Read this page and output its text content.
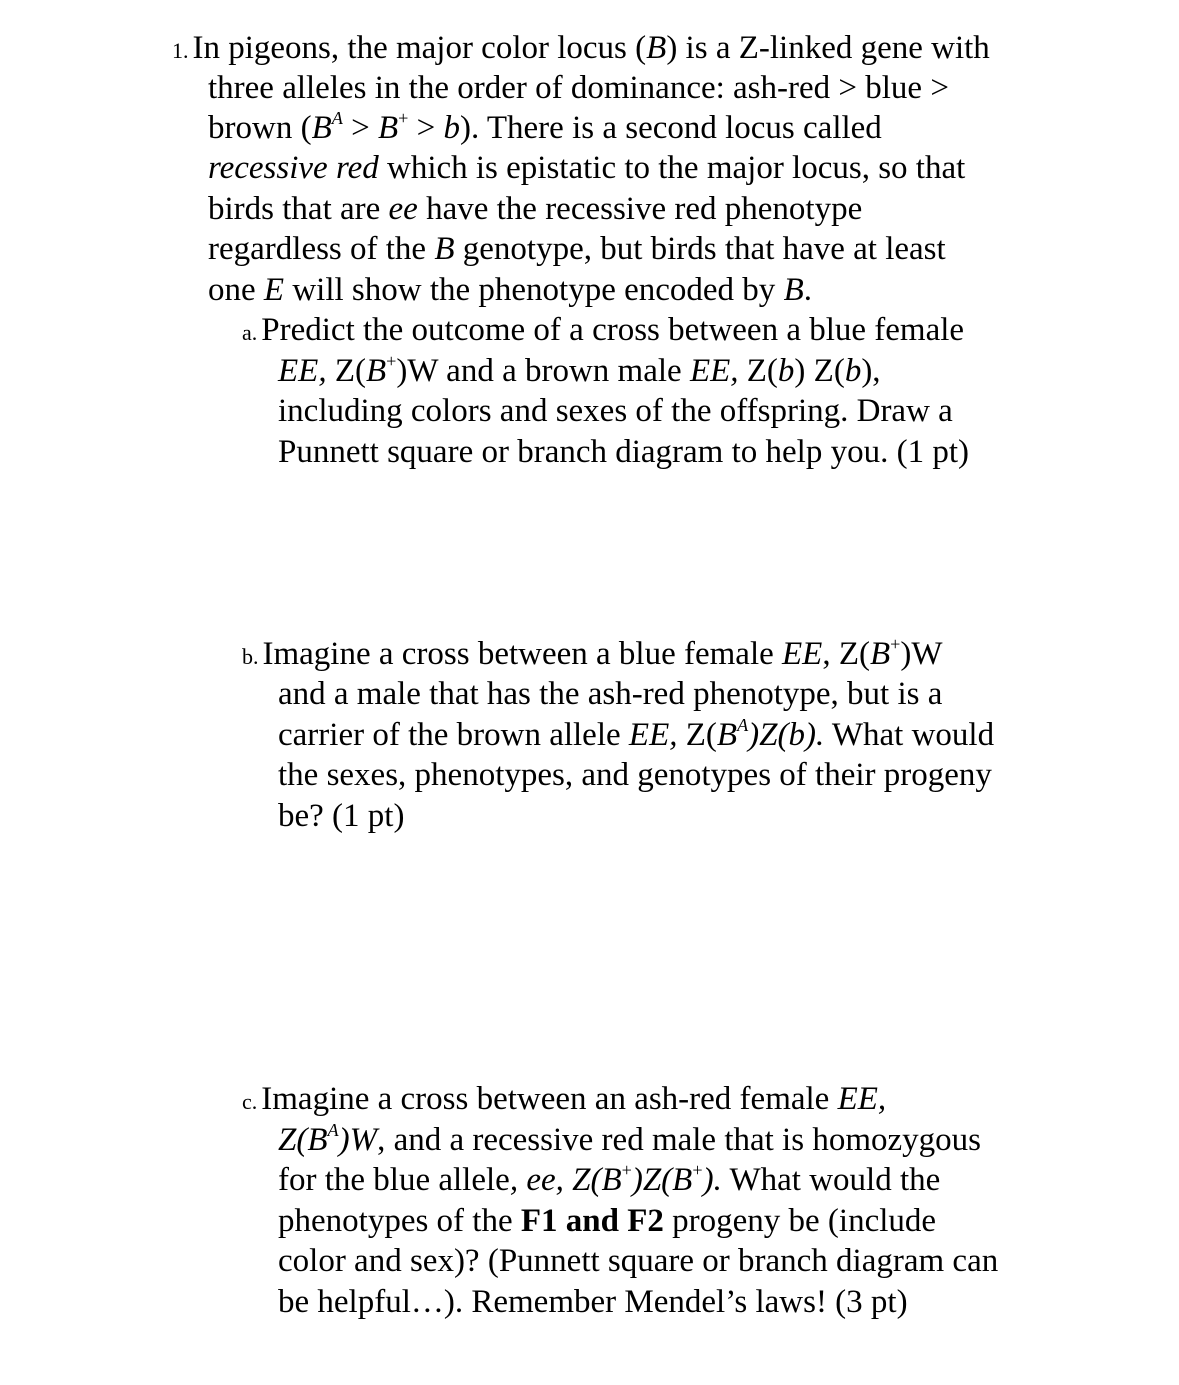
1. In pigeons, the major color locus (B) is a Z-linked gene with
three alleles in the order of dominance: ash-red > blue >
brown $(B^A > B^+ > b)$. There is a second locus called
recessive red which is epistatic to the major locus, so that
birds that are ee have the recessive red phenotype
regardless of the B genotype, but birds that have at least
one E will show the phenotype encoded by B.
a. Predict the outcome of a cross between a blue female
EE, Z(B+)W and a brown male EE, Z(b) Z(b),
including colors and sexes of the offspring. Draw a
Punnett square or branch diagram to help you. (1 pt)
b. Imagine a cross between a blue female EE, Z(B+)W
and a male that has the ash-red phenotype, but is a
carrier of the brown allele EE, $Z(B^A)Z(b)$. What would
the sexes, phenotypes, and genotypes of their progeny
be? (1 pt)
c. Imagine a cross between an ash-red female EE,
$Z(B^A)W$, and a recessive red male that is homozygous
for the blue allele, ee, Z(B+)Z(B+). What would the
phenotypes of the F1 and F2 progeny be (include
color and sex)? (Punnett square or branch diagram can
be helpful…). Remember Mendel’s laws! (3 pt)
